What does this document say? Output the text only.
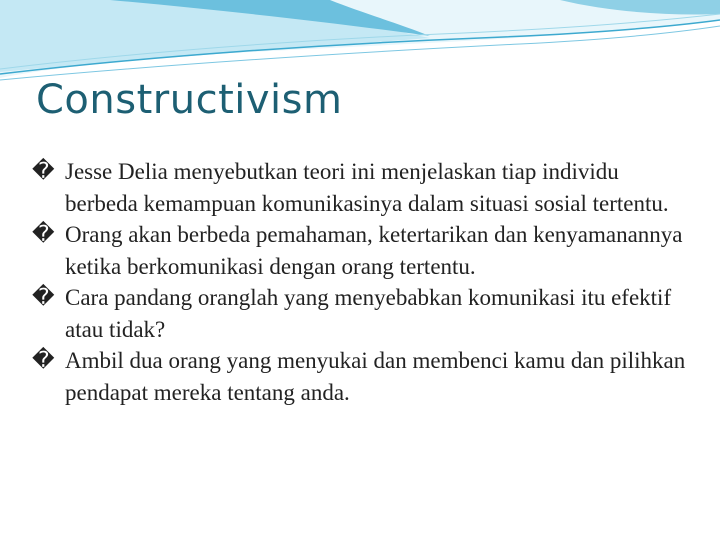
Constructivism
� Jesse Delia menyebutkan teori ini menjelaskan tiap individu berbeda kemampuan komunikasinya dalam situasi sosial tertentu.
� Orang akan berbeda pemahaman, ketertarikan dan kenyamanannya ketika berkomunikasi dengan orang tertentu.
� Cara pandang oranglah yang menyebabkan komunikasi itu efektif atau tidak?
� Ambil dua orang yang menyukai dan membenci kamu dan pilihkan pendapat mereka tentang anda.
